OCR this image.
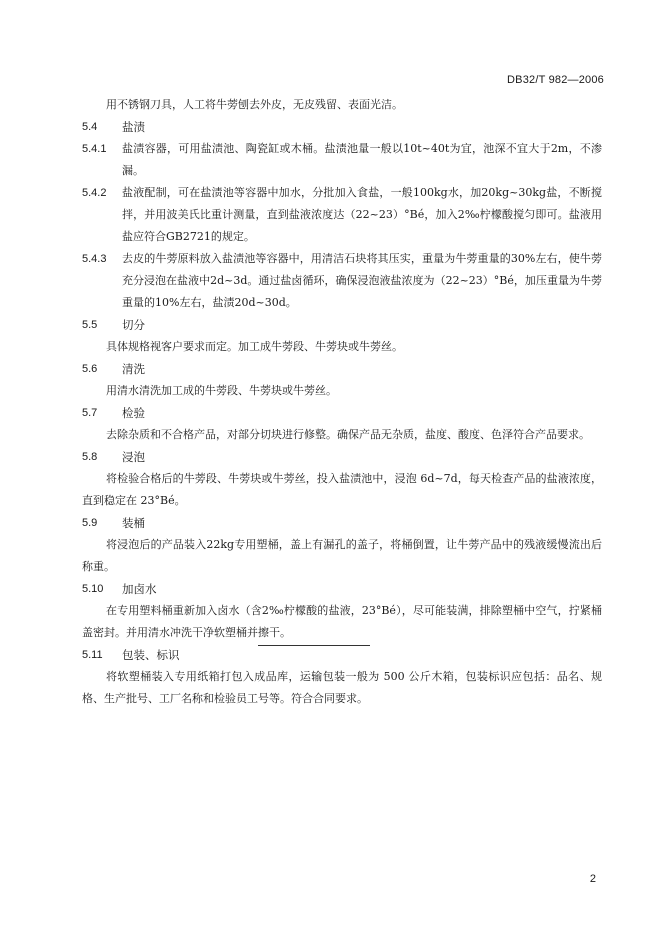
DB32/T 982—2006

用不锈钢刀具，人工将牛蒡刨去外皮，无皮残留、表面光洁。

5.4	盐渍
5.4.1	盐渍容器，可用盐渍池、陶瓷缸或木桶。盐渍池量一般以10t~40t为宜，池深不宜大于2m，不渗漏。
5.4.2	盐液配制，可在盐渍池等容器中加水，分批加入食盐，一般100kg水，加20kg~30kg盐，不断搅拌，并用波美氏比重计测量，直到盐液浓度达（22~23）°Bé，加入2‰柠檬酸搅匀即可。盐液用盐应符合GB2721的规定。
5.4.3	去皮的牛蒡原料放入盐渍池等容器中，用清洁石块将其压实，重量为牛蒡重量的30%左右，使牛蒡充分浸泡在盐液中2d~3d。通过盐卤循环，确保浸泡液盐浓度为（22~23）°Bé，加压重量为牛蒡重量的10%左右，盐渍20d~30d。
5.5	切分

具体规格视客户要求而定。加工成牛蒡段、牛蒡块或牛蒡丝。

5.6	清洗

用清水清洗加工成的牛蒡段、牛蒡块或牛蒡丝。

5.7	检验

去除杂质和不合格产品，对部分切块进行修整。确保产品无杂质，盐度、酸度、色泽符合产品要求。

5.8	浸泡

将检验合格后的牛蒡段、牛蒡块或牛蒡丝，投入盐渍池中，浸泡 6d~7d，每天检查产品的盐液浓度，直到稳定在 23°Bé。

5.9	装桶

将浸泡后的产品装入22kg专用塑桶，盖上有漏孔的盖子，将桶倒置，让牛蒡产品中的残液缓慢流出后称重。

5.10	加卤水

在专用塑料桶重新加入卤水（含2‰柠檬酸的盐液，23°Bé），尽可能装满，排除塑桶中空气，拧紧桶盖密封。并用清水冲洗干净软塑桶并擦干。

5.11	包装、标识

将软塑桶装入专用纸箱打包入成品库，运输包装一般为 500 公斤木箱，包装标识应包括：品名、规格、生产批号、工厂名称和检验员工号等。符合合同要求。

2
